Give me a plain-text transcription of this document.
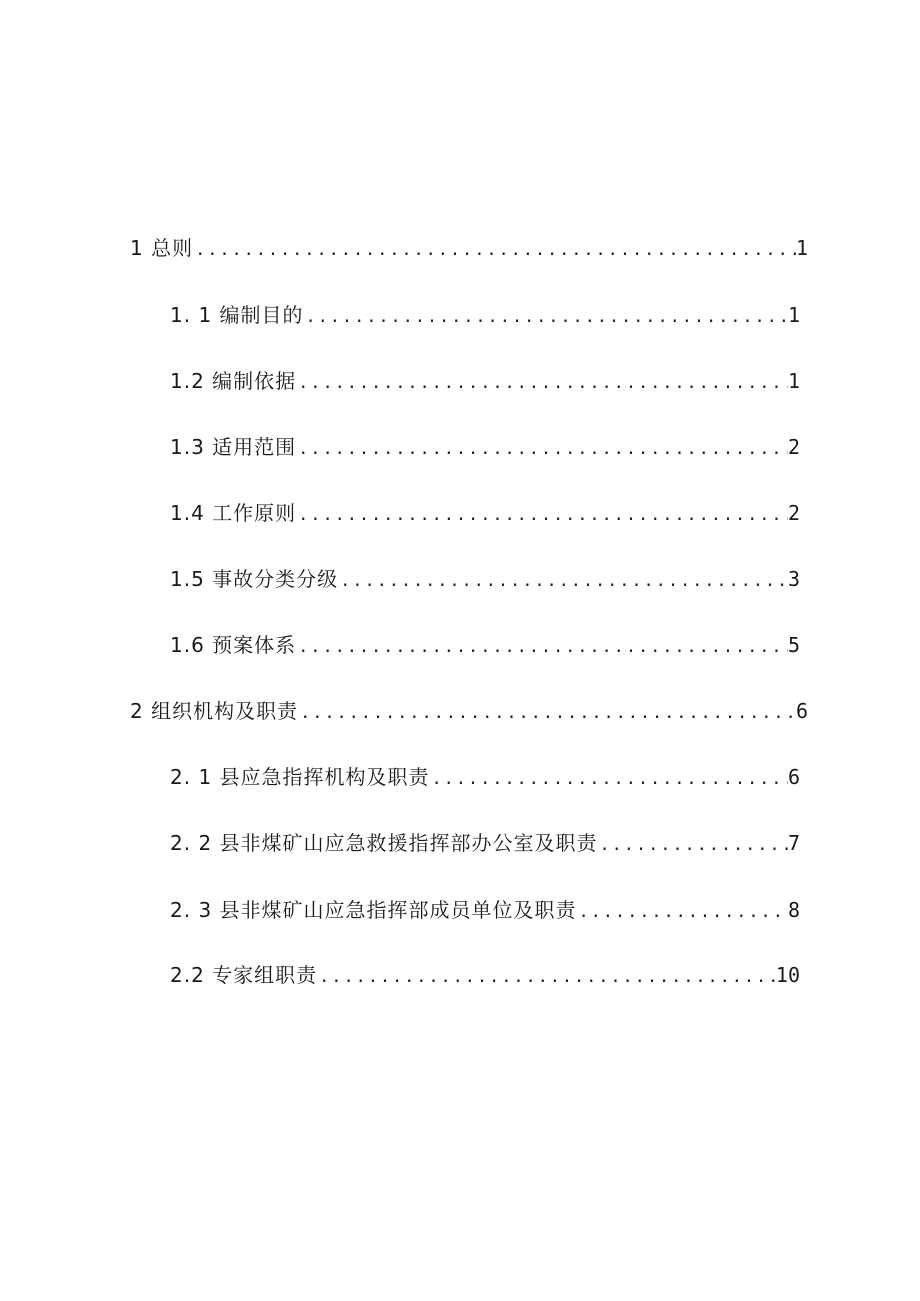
1 总则 .....	1
1. 1 编制目的 .....	1
1.2 编制依据 .....	1
1.3 适用范围 .....	2
1.4 工作原则 .....	2
1.5 事故分类分级 .....	3
1.6 预案体系 .....	5
2 组织机构及职责 .....	6
2. 1 县应急指挥机构及职责 .....	6
2. 2 县非煤矿山应急救援指挥部办公室及职责 .....	7
2. 3 县非煤矿山应急指挥部成员单位及职责 .....	8
2.2 专家组职责 .....	10
